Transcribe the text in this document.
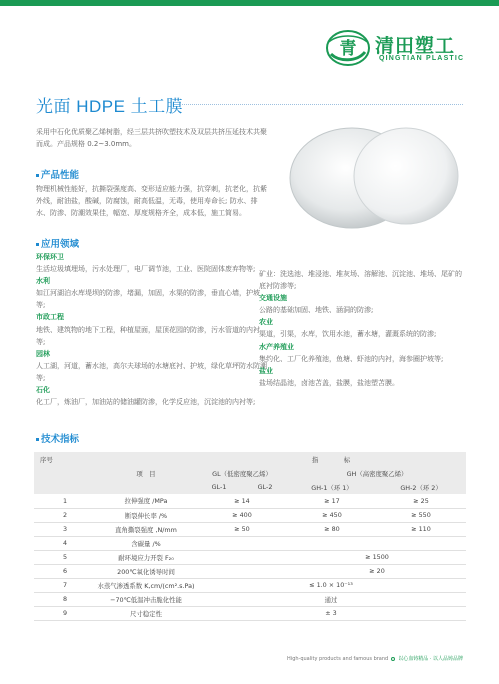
青 清田塑工
QINGTIAN PLASTIC
光面 HDPE 土工膜

采用中石化优质聚乙烯树脂，经三层共挤吹塑技术及双层共挤压延技术共聚而成。产品规格 0.2~3.0mm。

产品性能

物理机械性能好，抗撕裂强度高、变形适应能力强，抗穿刺，抗老化，抗紫外线，耐油盐，酸碱，防腐蚀，耐高低温，无毒，使用寿命长; 防水、排水、防渗、防潮效果佳，幅宽、厚度规格齐全，成本低，施工简易。

应用领域
环保环卫
生活垃圾填埋场，污水处理厂，电厂调节池，工业、医院固体废弃物等;
水利
如江河湖泊水库堤坝的防渗，堵漏，加固，水渠的防渗，垂直心墙，护坡等;
市政工程
地铁、建筑物的地下工程，种植屋面，屋顶花园的防渗，污水管道的内衬等;
园林
人工湖，河道，蓄水池，高尔夫球场的水塘底衬、护坡，绿化草坪防水防潮等;
石化
化工厂，炼油厂，加油站的储油罐防渗，化学反应池，沉淀池的内衬等;
矿业：洗选池、堆浸池、堆灰场、溶解池、沉淀池、堆场、尾矿的底衬防渗等;
交通设施
公路的基础加固、地铁、涵洞的防渗;
农业
渠道，引渠，水库，饮用水池，蓄水塘，灌溉系统的防渗;
水产养殖业
集约化、工厂化养殖池，鱼塘、虾池的内衬，海参圈护坡等;
盐业
盐场结晶池，卤池苫盖，盐膜，盐池塑苫膜。
技术指标
序号		指　　　　标			
	项　目	GL（低密度聚乙烯）		GH（高密度聚乙烯）	
		GL-1	GL-2	GH-1（环 1）	GH-2（环 2）
1	拉伸强度 /MPa	≥ 14		≥ 17	≥ 25
2	断裂伸长率 /%	≥ 400		≥ 450	≥ 550
3	直角撕裂强度 ,N/mm	≥ 50		≥ 80	≥ 110
4	含碳量 /%				
5	耐环境应力开裂 F₂₀			≥ 1500	
6	200℃氧化诱导时间			≥ 20	
7	水蒸气渗透系数 K,cm/(cm².s.Pa)	≤ 1.0 × 10⁻¹³			
8	−70℃低温冲击脆化性能	通过			
9	尺寸稳定性	± 3			
High-quality products and famous brand 以心血铸精品 · 以人品铸品牌
